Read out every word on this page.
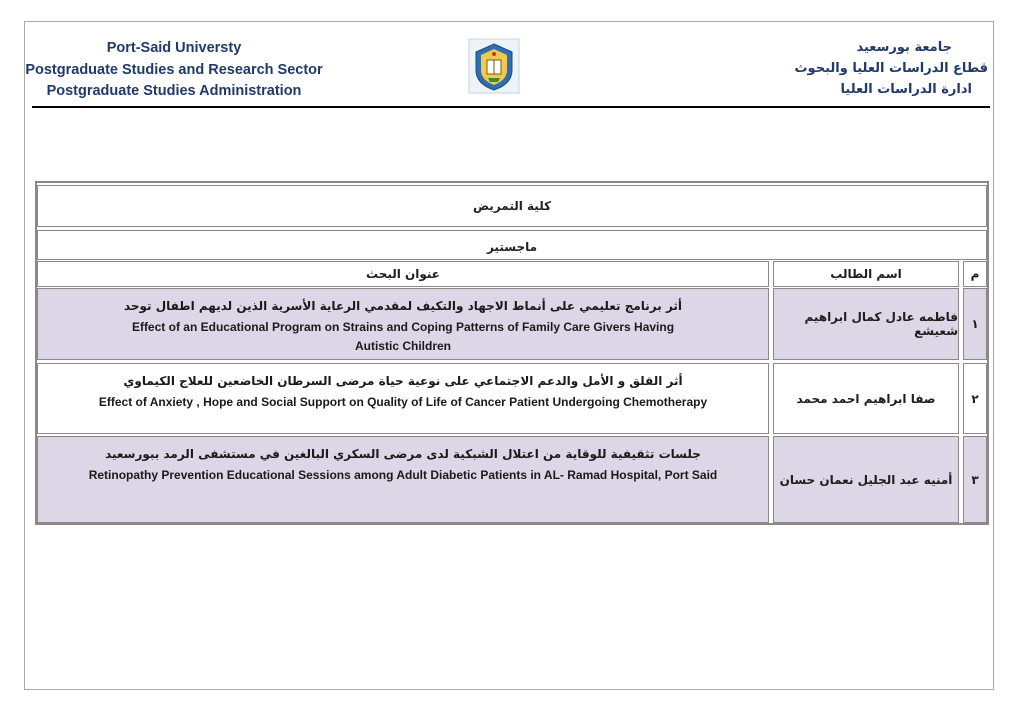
Port-Said Universty
Postgraduate Studies and Research Sector
Postgraduate Studies Administration
جامعة بورسعيد
قطاع الدراسات العليا والبحوث
ادارة الدراسات العليا
كلية التمريض
ماجستير
م
اسم الطالب
عنوان البحث
١
فاطمه عادل كمال ابراهيم شعيشع
أثر برنامج تعليمي على أنماط الاجهاد والتكيف لمقدمي الرعاية الأسرية الذين لديهم اطفال توحد
Effect of an Educational Program on Strains and Coping Patterns of Family Care Givers Having Autistic Children
٢
صفا ابراهيم احمد محمد
أثر القلق و الأمل والدعم الاجتماعي على نوعية حياة مرضى السرطان الخاضعين للعلاج الكيماوي
Effect of Anxiety , Hope and Social Support on Quality of Life of Cancer Patient Undergoing Chemotherapy
٣
أمنيه عبد الجليل نعمان حسان
جلسات تثقيفية للوقاية من اعتلال الشبكية لدى مرضى السكري البالغين في مستشفى الرمد ببورسعيد
Retinopathy Prevention Educational Sessions among Adult Diabetic Patients in AL- Ramad Hospital, Port Said
